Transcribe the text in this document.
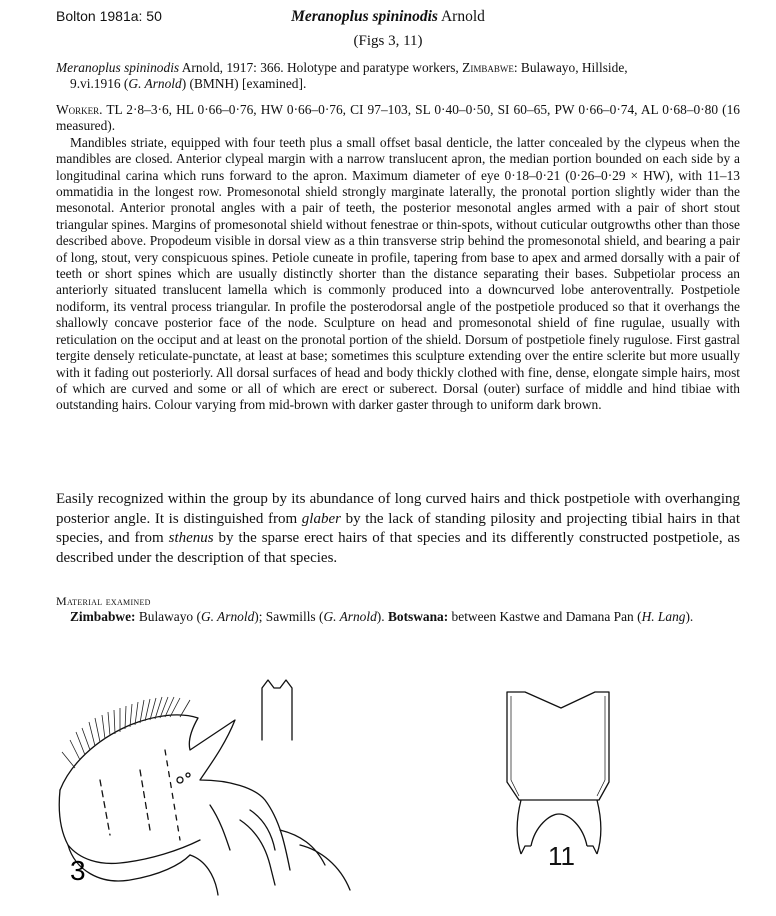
Bolton 1981a: 50	Meranoplus spininodis Arnold
(Figs 3, 11)
Meranoplus spininodis Arnold, 1917: 366. Holotype and paratype workers, Zimbabwe: Bulawayo, Hillside,
9.vi.1916 (G. Arnold) (BMNH) [examined].

Worker. TL 2·8–3·6, HL 0·66–0·76, HW 0·66–0·76, CI 97–103, SL 0·40–0·50, SI 60–65, PW 0·66–0·74, AL 0·68–0·80 (16 measured).

Mandibles striate, equipped with four teeth plus a small offset basal denticle, the latter concealed by the clypeus when the mandibles are closed. Anterior clypeal margin with a narrow translucent apron, the median portion bounded on each side by a longitudinal carina which runs forward to the apron. Maximum diameter of eye 0·18–0·21 (0·26–0·29 × HW), with 11–13 ommatidia in the longest row. Promesonotal shield strongly marginate laterally, the pronotal portion slightly wider than the mesonotal. Anterior pronotal angles with a pair of teeth, the posterior mesonotal angles armed with a pair of short stout triangular spines. Margins of promesonotal shield without fenestrae or thin-spots, without cuticular outgrowths other than those described above. Propodeum visible in dorsal view as a thin transverse strip behind the promesonotal shield, and bearing a pair of long, stout, very conspicuous spines. Petiole cuneate in profile, tapering from base to apex and armed dorsally with a pair of teeth or short spines which are usually distinctly shorter than the distance separating their bases. Subpetiolar process an anteriorly situated translucent lamella which is commonly produced into a downcurved lobe anteroventrally. Postpetiole nodiform, its ventral process triangular. In profile the posterodorsal angle of the postpetiole produced so that it overhangs the shallowly concave posterior face of the node. Sculpture on head and promesonotal shield of fine rugulae, usually with reticulation on the occiput and at least on the pronotal portion of the shield. Dorsum of postpetiole finely rugulose. First gastral tergite densely reticulate-punctate, at least at base; sometimes this sculpture extending over the entire sclerite but more usually with it fading out posteriorly. All dorsal surfaces of head and body thickly clothed with fine, dense, elongate simple hairs, most of which are curved and some or all of which are erect or suberect. Dorsal (outer) surface of middle and hind tibiae with outstanding hairs. Colour varying from mid-brown with darker gaster through to uniform dark brown.

Easily recognized within the group by its abundance of long curved hairs and thick postpetiole with overhanging posterior angle. It is distinguished from glaber by the lack of standing pilosity and projecting tibial hairs in that species, and from sthenus by the sparse erect hairs of that species and its differently constructed postpetiole, as described under the description of that species.
Material examined

Zimbabwe: Bulawayo (G. Arnold); Sawmills (G. Arnold). Botswana: between Kastwe and Damana Pan (H. Lang).

3	11
